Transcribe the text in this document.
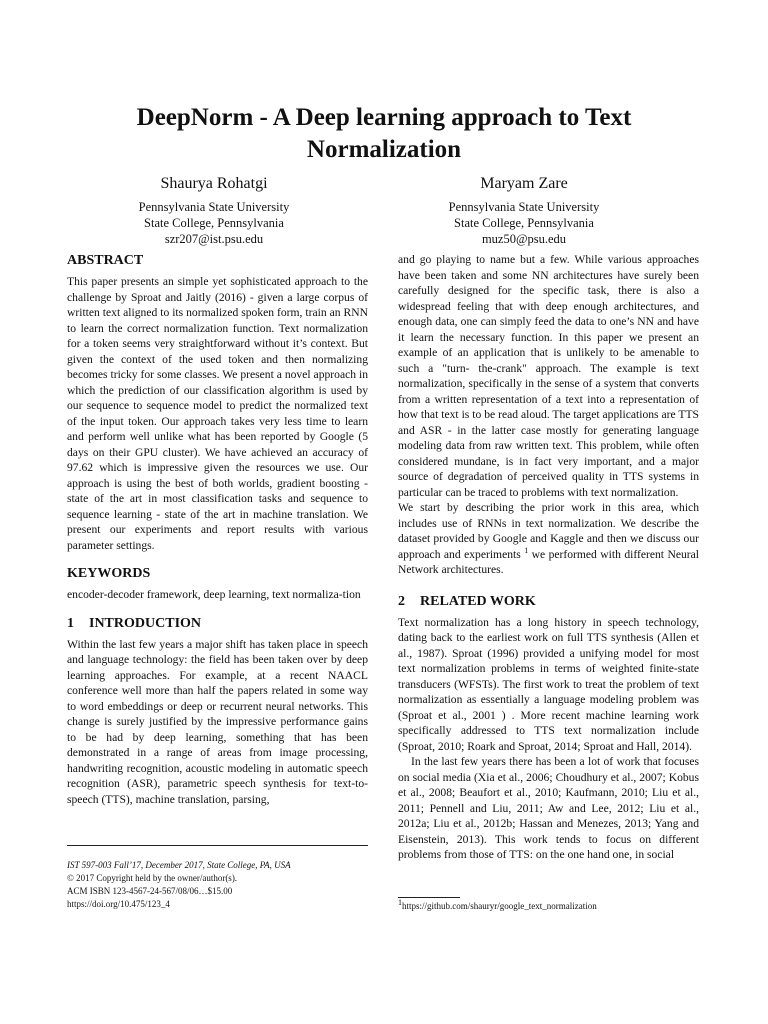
DeepNorm - A Deep learning approach to Text Normalization
Shaurya Rohatgi
Pennsylvania State University
State College, Pennsylvania
szr207@ist.psu.edu
Maryam Zare
Pennsylvania State University
State College, Pennsylvania
muz50@psu.edu
ABSTRACT

This paper presents an simple yet sophisticated approach to the challenge by Sproat and Jaitly (2016) - given a large corpus of written text aligned to its normalized spoken form, train an RNN to learn the correct normalization function. Text normalization for a token seems very straightforward without it’s context. But given the context of the used token and then normalizing becomes tricky for some classes. We present a novel approach in which the prediction of our classification algorithm is used by our sequence to sequence model to predict the normalized text of the input token. Our approach takes very less time to learn and perform well unlike what has been reported by Google (5 days on their GPU cluster). We have achieved an accuracy of 97.62 which is impressive given the resources we use. Our approach is using the best of both worlds, gradient boosting - state of the art in most classification tasks and sequence to sequence learning - state of the art in machine translation. We present our experiments and report results with various parameter settings.

KEYWORDS

encoder-decoder framework, deep learning, text normaliza-tion

1 INTRODUCTION

Within the last few years a major shift has taken place in speech and language technology: the field has been taken over by deep learning approaches. For example, at a recent NAACL conference well more than half the papers related in some way to word embeddings or deep or recurrent neural networks. This change is surely justified by the impressive performance gains to be had by deep learning, something that has been demonstrated in a range of areas from image processing, handwriting recognition, acoustic modeling in automatic speech recognition (ASR), parametric speech synthesis for text-to-speech (TTS), machine translation, parsing,

and go playing to name but a few. While various approaches have been taken and some NN architectures have surely been carefully designed for the specific task, there is also a widespread feeling that with deep enough architectures, and enough data, one can simply feed the data to one’s NN and have it learn the necessary function. In this paper we present an example of an application that is unlikely to be amenable to such a "turn- the-crank" approach. The example is text normalization, specifically in the sense of a system that converts from a written representation of a text into a representation of how that text is to be read aloud. The target applications are TTS and ASR - in the latter case mostly for generating language modeling data from raw written text. This problem, while often considered mundane, is in fact very important, and a major source of degradation of perceived quality in TTS systems in particular can be traced to problems with text normalization.

We start by describing the prior work in this area, which includes use of RNNs in text normalization. We describe the dataset provided by Google and Kaggle and then we discuss our approach and experiments $^1$ we performed with different Neural Network architectures.

2 RELATED WORK

Text normalization has a long history in speech technology, dating back to the earliest work on full TTS synthesis (Allen et al., 1987). Sproat (1996) provided a unifying model for most text normalization problems in terms of weighted finite-state transducers (WFSTs). The first work to treat the problem of text normalization as essentially a language modeling problem was (Sproat et al., 2001 ) . More recent machine learning work specifically addressed to TTS text normalization include (Sproat, 2010; Roark and Sproat, 2014; Sproat and Hall, 2014).

In the last few years there has been a lot of work that focuses on social media (Xia et al., 2006; Choudhury et al., 2007; Kobus et al., 2008; Beaufort et al., 2010; Kaufmann, 2010; Liu et al., 2011; Pennell and Liu, 2011; Aw and Lee, 2012; Liu et al., 2012a; Liu et al., 2012b; Hassan and Menezes, 2013; Yang and Eisenstein, 2013). This work tends to focus on different problems from those of TTS: on the one hand one, in social

IST 597-003 Fall’17, December 2017, State College, PA, USA
© 2017 Copyright held by the owner/author(s).
ACM ISBN 123-4567-24-567/08/06…$15.00
https://doi.org/10.475/123_4	$^1$https://github.com/shauryr/google_text_normalization
